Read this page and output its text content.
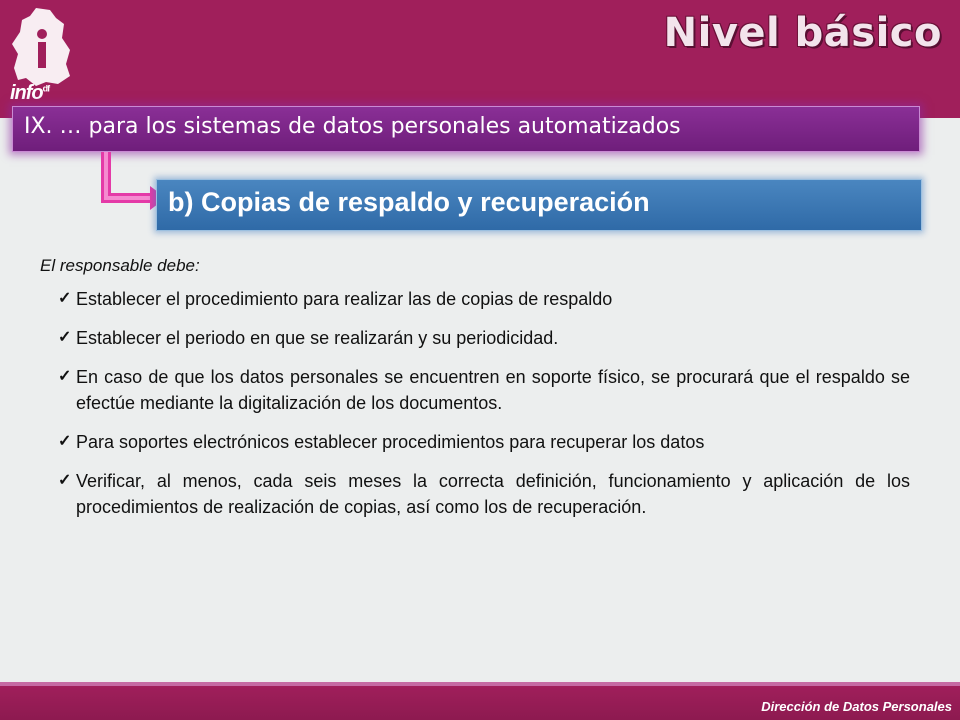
info$^{df}$
Nivel básico
IX. … para los sistemas de datos personales automatizados
b) Copias de respaldo y recuperación
El responsable debe:
✓ Establecer el procedimiento para realizar las de copias de respaldo
✓ Establecer el periodo en que se realizarán y su periodicidad.
✓ En caso de que los datos personales se encuentren en soporte físico, se procurará que el respaldo se efectúe mediante la digitalización de los documentos.
✓ Para soportes electrónicos establecer procedimientos para recuperar los datos
✓ Verificar, al menos, cada seis meses la correcta definición, funcionamiento y aplicación de los procedimientos de realización de copias, así como los de recuperación.
Dirección de Datos Personales
